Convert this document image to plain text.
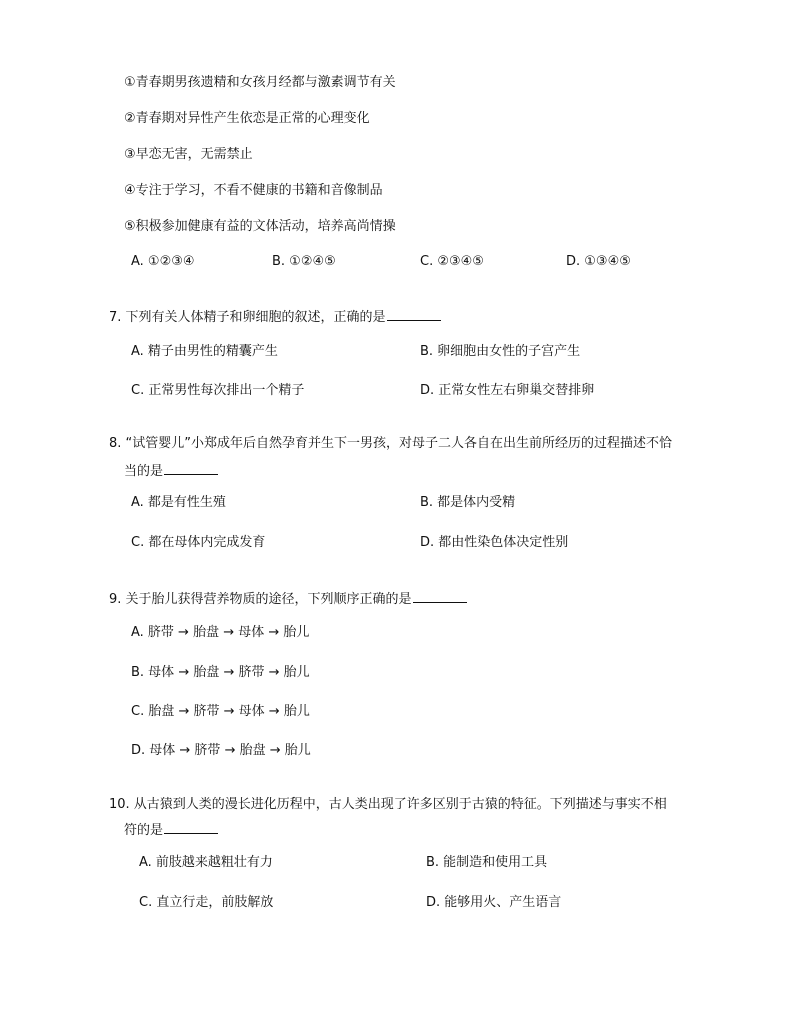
①青春期男孩遗精和女孩月经都与激素调节有关
②青春期对异性产生依恋是正常的心理变化
③早恋无害，无需禁止
④专注于学习，不看不健康的书籍和音像制品
⑤积极参加健康有益的文体活动，培养高尚情操
A. ①②③④	B. ①②④⑤	C. ②③④⑤	D. ①③④⑤
7. 下列有关人体精子和卵细胞的叙述，正确的是
A. 精子由男性的精囊产生	B. 卵细胞由女性的子宫产生
C. 正常男性每次排出一个精子	D. 正常女性左右卵巢交替排卵
8. “试管婴儿”小郑成年后自然孕育并生下一男孩，对母子二人各自在出生前所经历的过程描述不恰
当的是
A. 都是有性生殖	B. 都是体内受精
C. 都在母体内完成发育	D. 都由性染色体决定性别
9. 关于胎儿获得营养物质的途径，下列顺序正确的是
A. 脐带 → 胎盘 → 母体 → 胎儿
B. 母体 → 胎盘 → 脐带 → 胎儿
C. 胎盘 → 脐带 → 母体 → 胎儿
D. 母体 → 脐带 → 胎盘 → 胎儿
10. 从古猿到人类的漫长进化历程中，古人类出现了许多区别于古猿的特征。下列描述与事实不相
符的是
A. 前肢越来越粗壮有力	B. 能制造和使用工具
C. 直立行走，前肢解放	D. 能够用火、产生语言
